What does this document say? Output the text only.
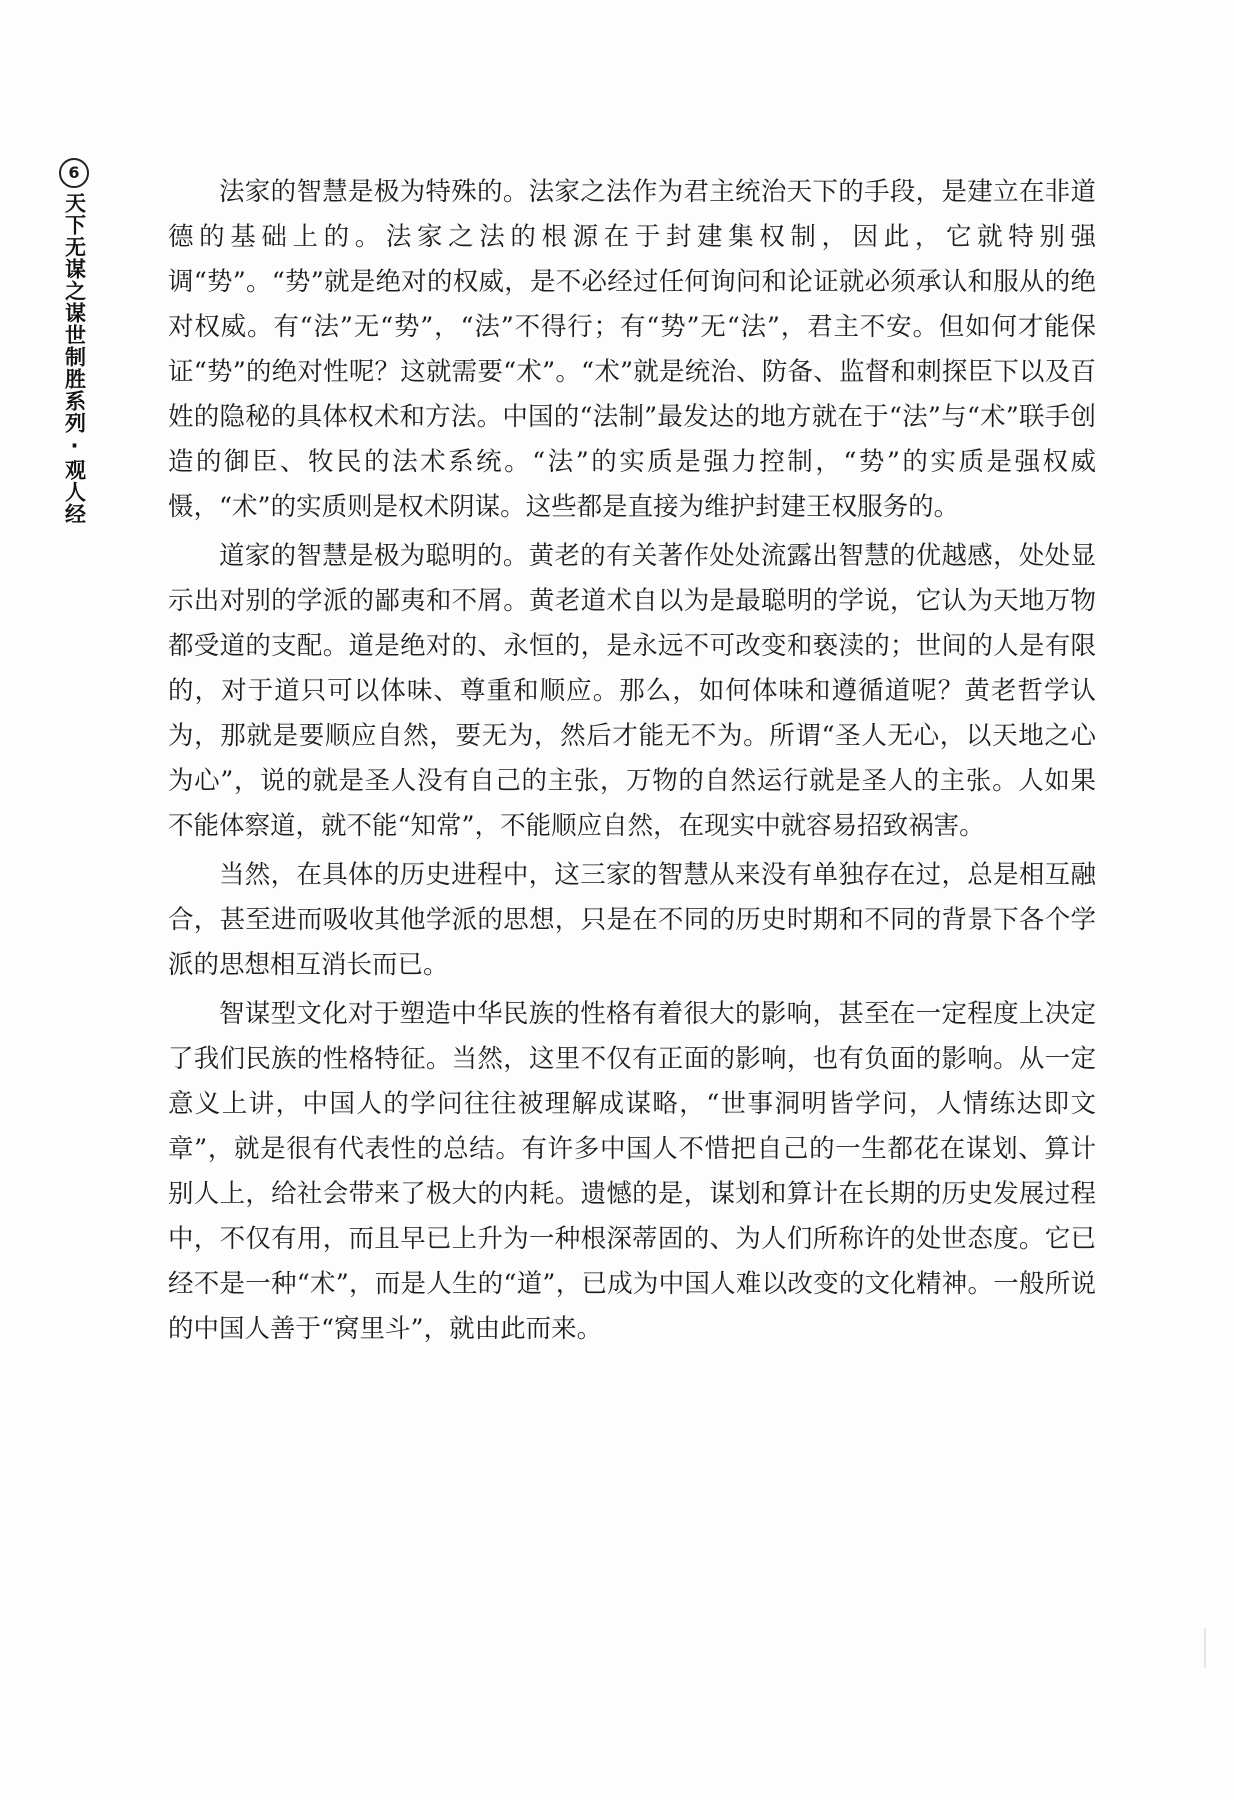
6
天下无谋之谋世制胜系列·观人经	法家的智慧是极为特殊的。法家之法作为君主统治天下的手段，是建立在非道德的基础上的。法家之法的根源在于封建集权制，因此，它就特别强调“势”。“势”就是绝对的权威，是不必经过任何询问和论证就必须承认和服从的绝对权威。有“法”无“势”，“法”不得行；有“势”无“法”，君主不安。但如何才能保证“势”的绝对性呢？这就需要“术”。“术”就是统治、防备、监督和刺探臣下以及百姓的隐秘的具体权术和方法。中国的“法制”最发达的地方就在于“法”与“术”联手创造的御臣、牧民的法术系统。“法”的实质是强力控制，“势”的实质是强权威慑，“术”的实质则是权术阴谋。这些都是直接为维护封建王权服务的。

道家的智慧是极为聪明的。黄老的有关著作处处流露出智慧的优越感，处处显示出对别的学派的鄙夷和不屑。黄老道术自以为是最聪明的学说，它认为天地万物都受道的支配。道是绝对的、永恒的，是永远不可改变和亵渎的；世间的人是有限的，对于道只可以体味、尊重和顺应。那么，如何体味和遵循道呢？黄老哲学认为，那就是要顺应自然，要无为，然后才能无不为。所谓“圣人无心，以天地之心为心”，说的就是圣人没有自己的主张，万物的自然运行就是圣人的主张。人如果不能体察道，就不能“知常”，不能顺应自然，在现实中就容易招致祸害。

当然，在具体的历史进程中，这三家的智慧从来没有单独存在过，总是相互融合，甚至进而吸收其他学派的思想，只是在不同的历史时期和不同的背景下各个学派的思想相互消长而已。

智谋型文化对于塑造中华民族的性格有着很大的影响，甚至在一定程度上决定了我们民族的性格特征。当然，这里不仅有正面的影响，也有负面的影响。从一定意义上讲，中国人的学问往往被理解成谋略，“世事洞明皆学问，人情练达即文章”，就是很有代表性的总结。有许多中国人不惜把自己的一生都花在谋划、算计别人上，给社会带来了极大的内耗。遗憾的是，谋划和算计在长期的历史发展过程中，不仅有用，而且早已上升为一种根深蒂固的、为人们所称许的处世态度。它已经不是一种“术”，而是人生的“道”，已成为中国人难以改变的文化精神。一般所说的中国人善于“窝里斗”，就由此而来。
